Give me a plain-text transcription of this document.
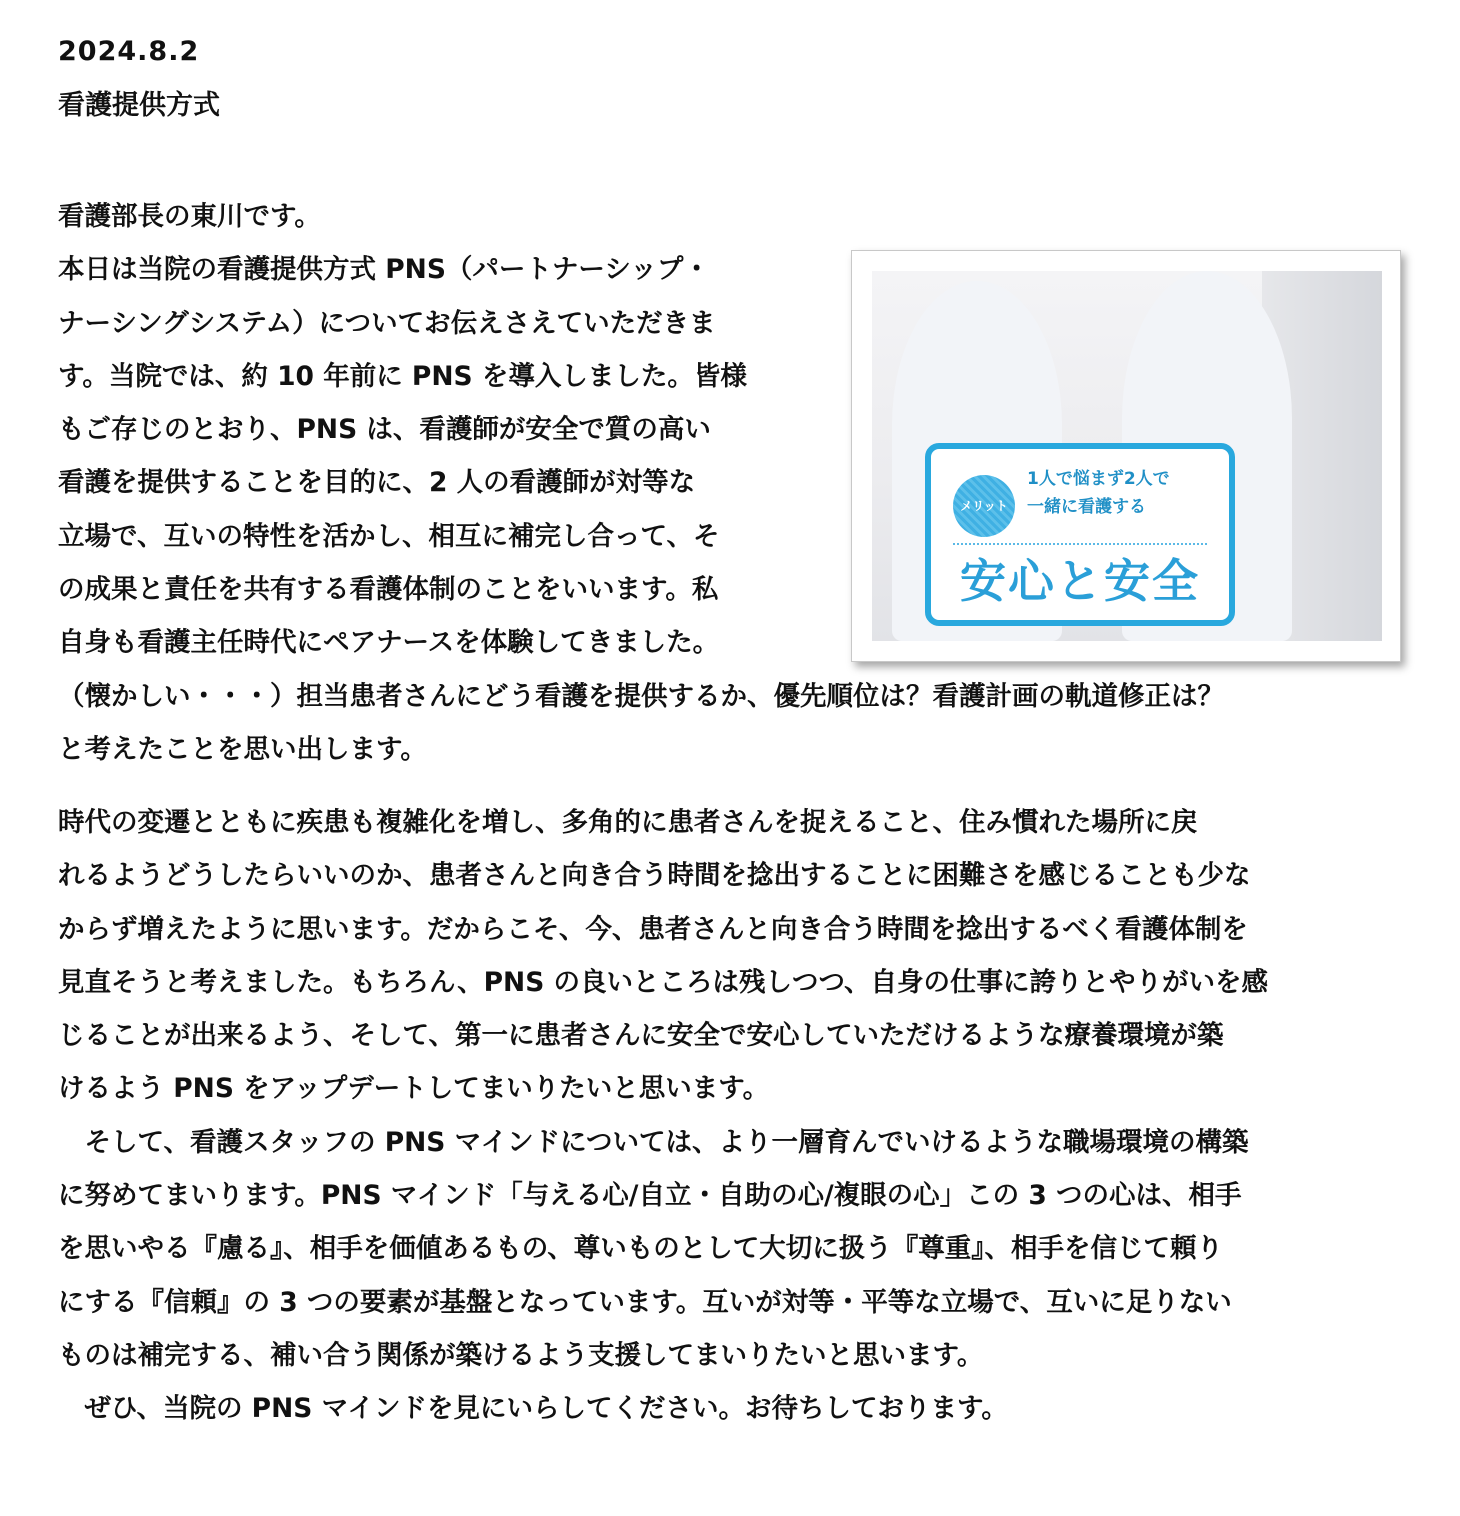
2024.8.2
看護提供方式
看護部長の東川です。
本日は当院の看護提供方式 PNS（パートナーシップ・
ナーシングシステム）についてお伝えさえていただきま
す。当院では、約 10 年前に PNS を導入しました。皆様
もご存じのとおり、PNS は、看護師が安全で質の高い
看護を提供することを目的に、2 人の看護師が対等な
立場で、互いの特性を活かし、相互に補完し合って、そ
の成果と責任を共有する看護体制のことをいいます。私
自身も看護主任時代にペアナースを体験してきました。
（懐かしい・・・）担当患者さんにどう看護を提供するか、優先順位は？看護計画の軌道修正は？
と考えたことを思い出します。
時代の変遷とともに疾患も複雑化を増し、多角的に患者さんを捉えること、住み慣れた場所に戻
れるようどうしたらいいのか、患者さんと向き合う時間を捻出することに困難さを感じることも少な
からず増えたように思います。だからこそ、今、患者さんと向き合う時間を捻出するべく看護体制を
見直そうと考えました。もちろん、PNS の良いところは残しつつ、自身の仕事に誇りとやりがいを感
じることが出来るよう、そして、第一に患者さんに安全で安心していただけるような療養環境が築
けるよう PNS をアップデートしてまいりたいと思います。
　そして、看護スタッフの PNS マインドについては、より一層育んでいけるような職場環境の構築
に努めてまいります。PNS マインド「与える心/自立・自助の心/複眼の心」この 3 つの心は、相手
を思いやる『慮る』、相手を価値あるもの、尊いものとして大切に扱う『尊重』、相手を信じて頼り
にする『信頼』の 3 つの要素が基盤となっています。互いが対等・平等な立場で、互いに足りない
ものは補完する、補い合う関係が築けるよう支援してまいりたいと思います。
　ぜひ、当院の PNS マインドを見にいらしてください。お待ちしております。
メリット
1人で悩まず2人で
一緒に看護する
安心と安全
